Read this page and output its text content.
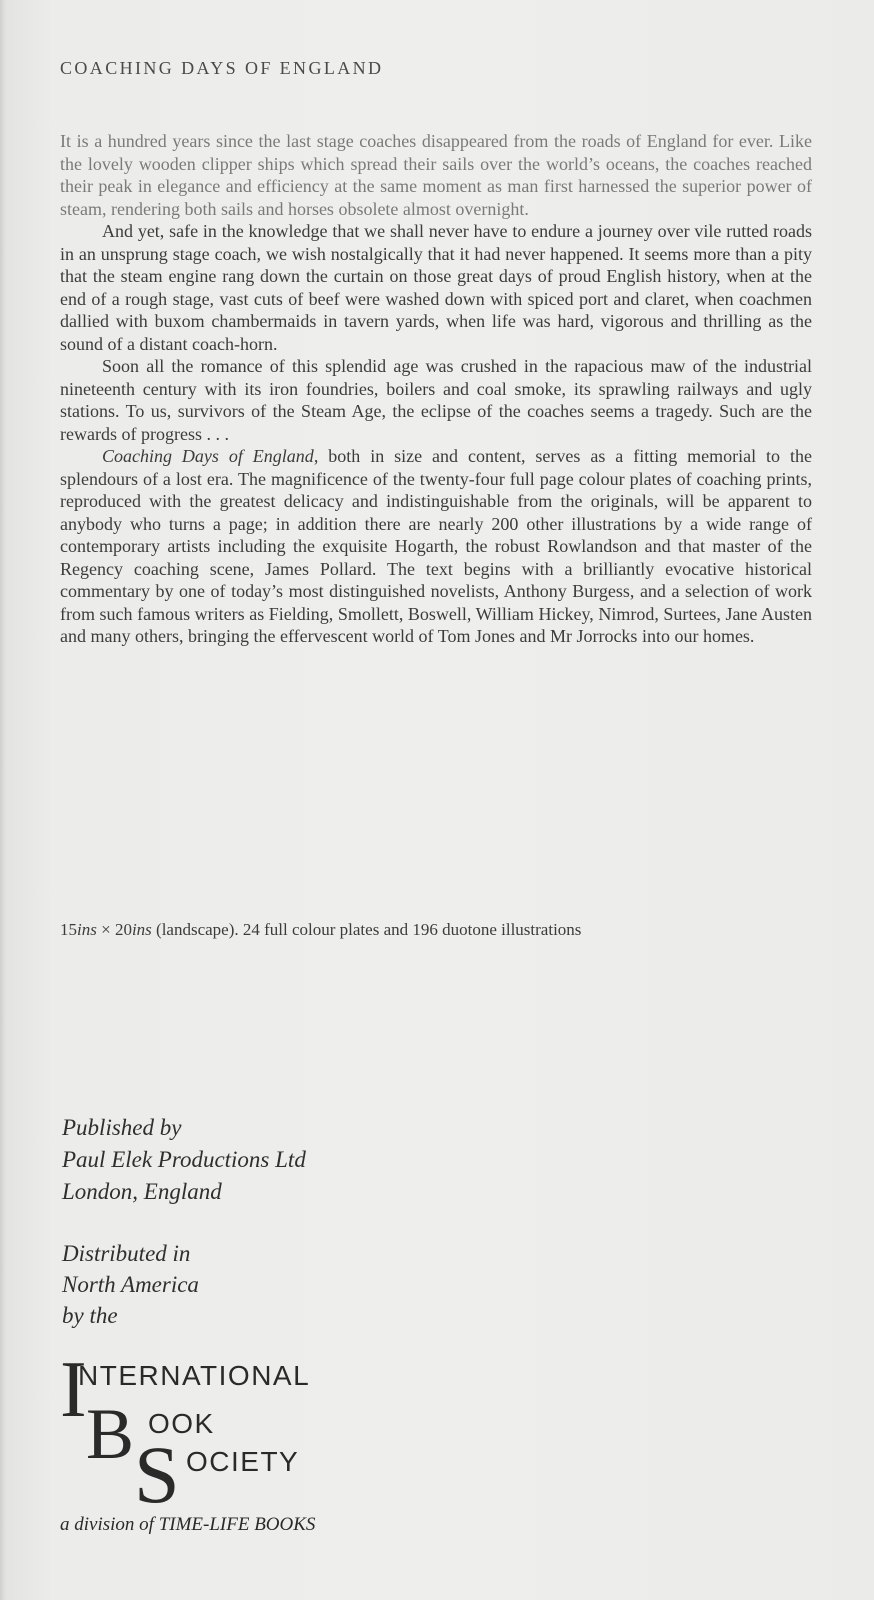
COACHING DAYS OF ENGLAND

It is a hundred years since the last stage coaches disappeared from the roads of England for ever. Like the lovely wooden clipper ships which spread their sails over the world’s oceans, the coaches reached their peak in elegance and efficiency at the same moment as man first harnessed the superior power of steam, rendering both sails and horses obsolete almost overnight.

And yet, safe in the knowledge that we shall never have to endure a journey over vile rutted roads in an unsprung stage coach, we wish nostalgically that it had never happened. It seems more than a pity that the steam engine rang down the curtain on those great days of proud English history, when at the end of a rough stage, vast cuts of beef were washed down with spiced port and claret, when coachmen dallied with buxom chambermaids in tavern yards, when life was hard, vigorous and thrilling as the sound of a distant coach-horn.

Soon all the romance of this splendid age was crushed in the rapacious maw of the industrial nineteenth century with its iron foundries, boilers and coal smoke, its sprawling railways and ugly stations. To us, survivors of the Steam Age, the eclipse of the coaches seems a tragedy. Such are the rewards of progress . . .

Coaching Days of England, both in size and content, serves as a fitting memorial to the splendours of a lost era. The magnificence of the twenty-four full page colour plates of coaching prints, reproduced with the greatest delicacy and indistinguishable from the originals, will be apparent to anybody who turns a page; in addition there are nearly 200 other illustrations by a wide range of contemporary artists including the exquisite Hogarth, the robust Rowlandson and that master of the Regency coaching scene, James Pollard. The text begins with a brilliantly evocative historical commentary by one of today’s most distinguished novelists, Anthony Burgess, and a selection of work from such famous writers as Fielding, Smollett, Boswell, William Hickey, Nimrod, Surtees, Jane Austen and many others, bringing the effervescent world of Tom Jones and Mr Jorrocks into our homes.

15ins × 20ins (landscape). 24 full colour plates and 196 duotone illustrations
Published by
Paul Elek Productions Ltd
London, England
Distributed in
North America
by the
I
NTERNATIONAL
B OOK
S OCIETY
a division of TIME-LIFE BOOKS
